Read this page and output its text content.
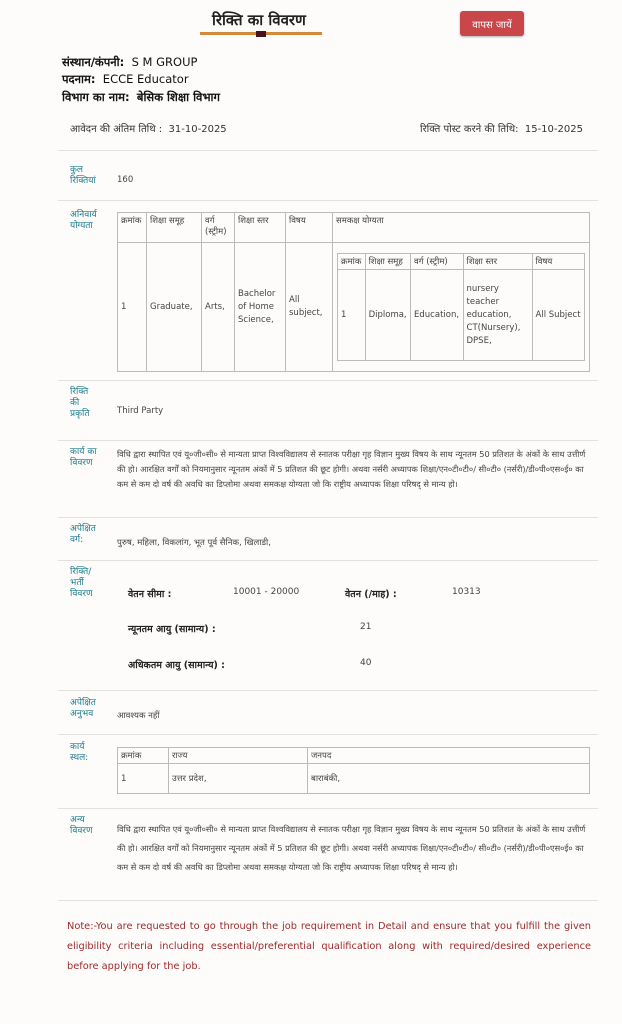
रिक्ति का विवरण	वापस जायें
संस्थान/कंपनी: S M GROUP
पदनाम: ECCE Educator
विभाग का नाम: बेसिक शिक्षा विभाग
आवेदन की अंतिम तिथि : 31-10-2025	रिक्ति पोस्ट करने की तिथि: 15-10-2025
कुल
रिक्तियां 160
अनिवार्य
योग्यता	क्रमांक	शिक्षा समूह	वर्ग (स्ट्रीम)	शिक्षा स्तर	विषय	समकक्ष योग्यता
1	Graduate,	Arts,	Bachelor of Home Science,	All subject,	
क्रमांक	शिक्षा समूह	वर्ग (स्ट्रीम)	शिक्षा स्तर	विषय
1	Diploma,	Education,	nursery teacher education, CT(Nursery), DPSE,	All Subject
रिक्ति
की
प्रकृति	Third Party
कार्य का
विवरण
विधि द्वारा स्थापित एवं यू०जी०सी० से मान्यता प्राप्त विश्वविद्यालय से स्नातक परीक्षा गृह विज्ञान मुख्य विषय के साथ न्यूनतम 50 प्रतिशत के अंकों के साथ उत्तीर्ण की हो। आरक्षित वर्गों को नियमानुसार न्यूनतम अंकों में 5 प्रतिशत की छूट होगी। अथवा नर्सरी अध्यापक शिक्षा/एन०टी०टी०/ सी०टी० (नर्सरी)/डी०पी०एस०ई० का कम से कम दो वर्ष की अवधि का डिप्लोमा अथवा समकक्ष योग्यता जो कि राष्ट्रीय अध्यापक शिक्षा परिषद् से मान्य हो।
अपेक्षित
वर्ग:	पुरुष, महिला, विकलांग, भूत पूर्व सैनिक, खिलाडी,
रिक्ति/
भर्ती
विवरण	वेतन सीमा :	10001 - 20000	वेतन (/माह) :	10313
न्यूनतम आयु (सामान्य) :	21
अधिकतम आयु (सामान्य) :	40
अपेक्षित
अनुभव	आवश्यक नहीं
कार्य
स्थल:	क्रमांक	राज्य	जनपद
1	उत्तर प्रदेश,	बाराबंकी,
अन्य
विवरण	विधि द्वारा स्थापित एवं यू०जी०सी० से मान्यता प्राप्त विश्वविद्यालय से स्नातक परीक्षा गृह विज्ञान मुख्य विषय के साथ न्यूनतम 50 प्रतिशत के अंकों के साथ उत्तीर्ण की हो। आरक्षित वर्गों को नियमानुसार न्यूनतम अंकों में 5 प्रतिशत की छूट होगी। अथवा नर्सरी अध्यापक शिक्षा/एन०टी०टी०/ सी०टी० (नर्सरी)/डी०पी०एस०ई० का कम से कम दो वर्ष की अवधि का डिप्लोमा अथवा समकक्ष योग्यता जो कि राष्ट्रीय अध्यापक शिक्षा परिषद् से मान्य हो।
Note:-You are requested to go through the job requirement in Detail and ensure that you fulfill the given eligibility criteria including essential/preferential qualification along with required/desired experience before applying for the job.
